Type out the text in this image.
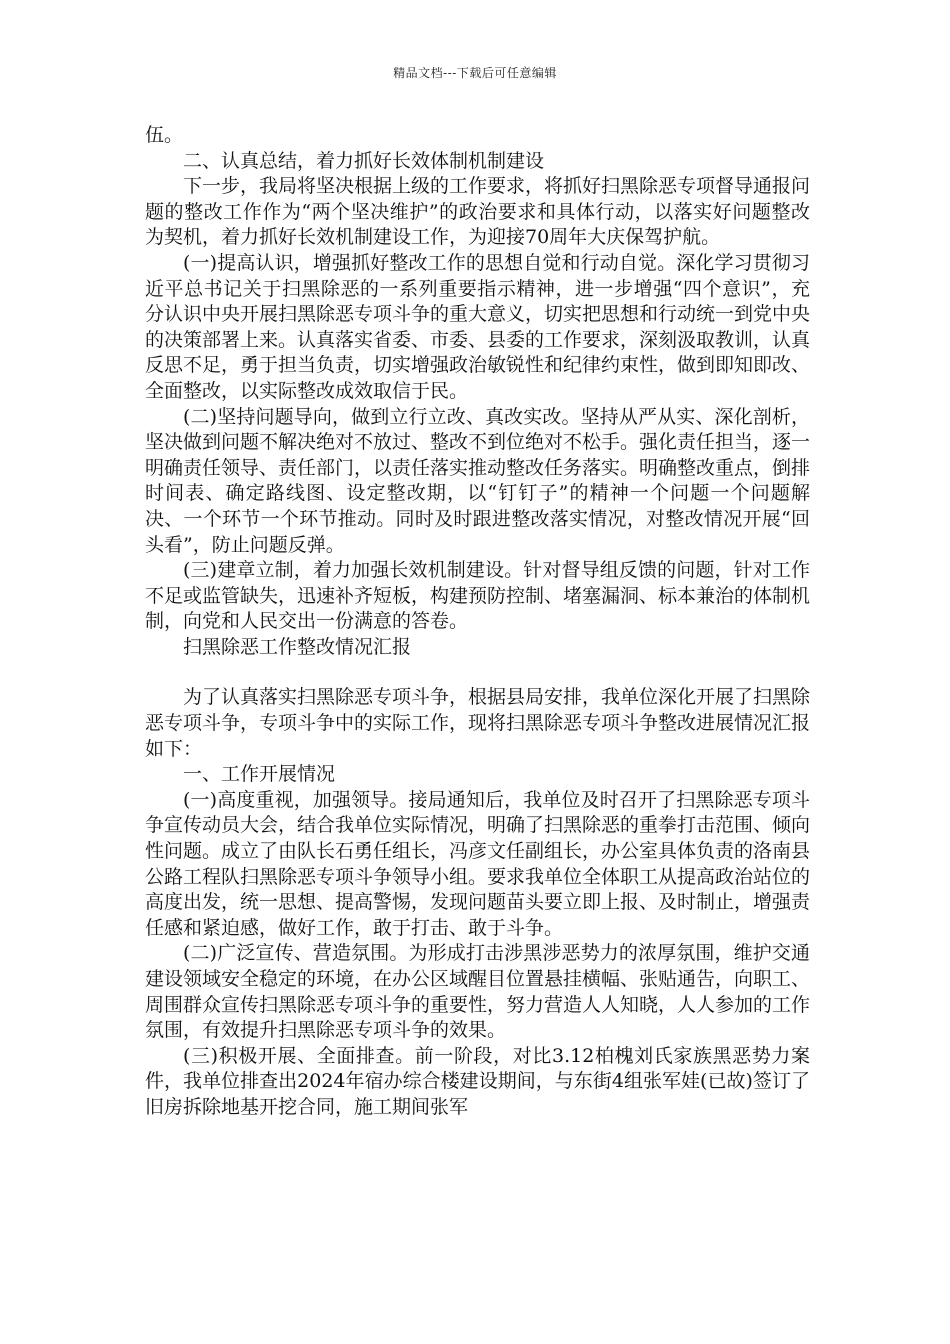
精品文档---下载后可任意编辑

伍。

二、认真总结，着力抓好长效体制机制建设

下一步，我局将坚决根据上级的工作要求，将抓好扫黑除恶专项督导通报问题的整改工作作为“两个坚决维护”的政治要求和具体行动，以落实好问题整改为契机，着力抓好长效机制建设工作，为迎接70周年大庆保驾护航。

(一)提高认识，增强抓好整改工作的思想自觉和行动自觉。深化学习贯彻习近平总书记关于扫黑除恶的一系列重要指示精神，进一步增强“四个意识”，充分认识中央开展扫黑除恶专项斗争的重大意义，切实把思想和行动统一到党中央的决策部署上来。认真落实省委、市委、县委的工作要求，深刻汲取教训，认真反思不足，勇于担当负责，切实增强政治敏锐性和纪律约束性，做到即知即改、全面整改，以实际整改成效取信于民。

(二)坚持问题导向，做到立行立改、真改实改。坚持从严从实、深化剖析，坚决做到问题不解决绝对不放过、整改不到位绝对不松手。强化责任担当，逐一明确责任领导、责任部门，以责任落实推动整改任务落实。明确整改重点，倒排时间表、确定路线图、设定整改期，以“钉钉子”的精神一个问题一个问题解决、一个环节一个环节推动。同时及时跟进整改落实情况，对整改情况开展“回头看”，防止问题反弹。

(三)建章立制，着力加强长效机制建设。针对督导组反馈的问题，针对工作不足或监管缺失，迅速补齐短板，构建预防控制、堵塞漏洞、标本兼治的体制机制，向党和人民交出一份满意的答卷。

扫黑除恶工作整改情况汇报

为了认真落实扫黑除恶专项斗争，根据县局安排，我单位深化开展了扫黑除恶专项斗争，专项斗争中的实际工作，现将扫黑除恶专项斗争整改进展情况汇报如下：

一、工作开展情况

(一)高度重视，加强领导。接局通知后，我单位及时召开了扫黑除恶专项斗争宣传动员大会，结合我单位实际情况，明确了扫黑除恶的重拳打击范围、倾向性问题。成立了由队长石勇任组长，冯彦文任副组长，办公室具体负责的洛南县公路工程队扫黑除恶专项斗争领导小组。要求我单位全体职工从提高政治站位的高度出发，统一思想、提高警惕，发现问题苗头要立即上报、及时制止，增强责任感和紧迫感，做好工作，敢于打击、敢于斗争。

(二)广泛宣传、营造氛围。为形成打击涉黑涉恶势力的浓厚氛围，维护交通建设领域安全稳定的环境，在办公区域醒目位置悬挂横幅、张贴通告，向职工、周围群众宣传扫黑除恶专项斗争的重要性，努力营造人人知晓，人人参加的工作氛围，有效提升扫黑除恶专项斗争的效果。

(三)积极开展、全面排查。前一阶段，对比3.12柏槐刘氏家族黑恶势力案件，我单位排查出2024年宿办综合楼建设期间，与东街4组张军娃(已故)签订了旧房拆除地基开挖合同，施工期间张军
